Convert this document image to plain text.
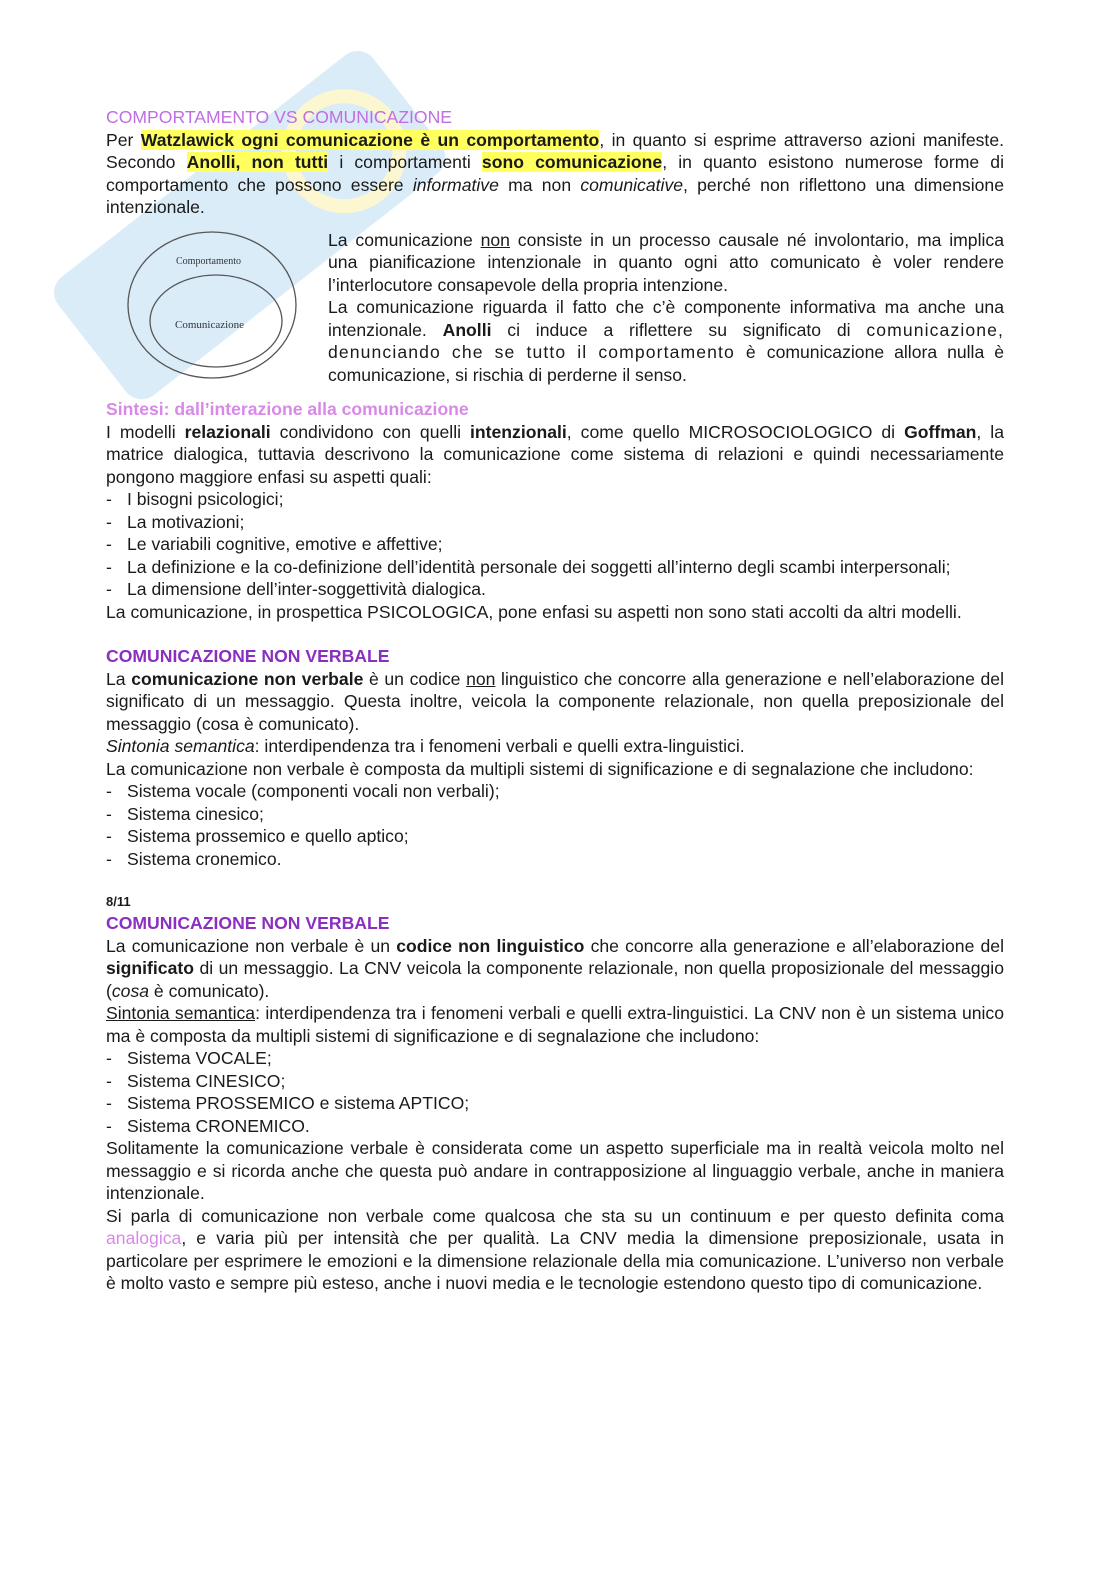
COMPORTAMENTO VS COMUNICAZIONE

Per Watzlawick ogni comunicazione è un comportamento, in quanto si esprime attraverso azioni manifeste. Secondo Anolli, non tutti i comportamenti sono comunicazione, in quanto esistono numerose forme di comportamento che possono essere informative ma non comunicative, perché non riflettono una dimensione intenzionale.

Comportamento
Comunicazione

La comunicazione non consiste in un processo causale né involontario, ma implica una pianificazione intenzionale in quanto ogni atto comunicato è voler rendere l’interlocutore consapevole della propria intenzione.

La comunicazione riguarda il fatto che c’è componente informativa ma anche una intenzionale. Anolli ci induce a riflettere su significato di comunicazione, denunciando che se tutto il comportamento è comunicazione allora nulla è comunicazione, si rischia di perderne il senso.

Sintesi: dall’interazione alla comunicazione

I modelli relazionali condividono con quelli intenzionali, come quello MICROSOCIOLOGICO di Goffman, la matrice dialogica, tuttavia descrivono la comunicazione come sistema di relazioni e quindi necessariamente pongono maggiore enfasi su aspetti quali:

- I bisogni psicologici;
- La motivazioni;
- Le variabili cognitive, emotive e affettive;
- La definizione e la co-definizione dell’identità personale dei soggetti all’interno degli scambi interpersonali;
- La dimensione dell’inter-soggettività dialogica.

La comunicazione, in prospettica PSICOLOGICA, pone enfasi su aspetti non sono stati accolti da altri modelli.

COMUNICAZIONE NON VERBALE

La comunicazione non verbale è un codice non linguistico che concorre alla generazione e nell’elaborazione del significato di un messaggio. Questa inoltre, veicola la componente relazionale, non quella preposizionale del messaggio (cosa è comunicato).

Sintonia semantica: interdipendenza tra i fenomeni verbali e quelli extra-linguistici.

La comunicazione non verbale è composta da multipli sistemi di significazione e di segnalazione che includono:

- Sistema vocale (componenti vocali non verbali);
- Sistema cinesico;
- Sistema prossemico e quello aptico;
- Sistema cronemico.
8/11
COMUNICAZIONE NON VERBALE

La comunicazione non verbale è un codice non linguistico che concorre alla generazione e all’elaborazione del significato di un messaggio. La CNV veicola la componente relazionale, non quella proposizionale del messaggio (cosa è comunicato).

Sintonia semantica: interdipendenza tra i fenomeni verbali e quelli extra-linguistici. La CNV non è un sistema unico ma è composta da multipli sistemi di significazione e di segnalazione che includono:

- Sistema VOCALE;
- Sistema CINESICO;
- Sistema PROSSEMICO e sistema APTICO;
- Sistema CRONEMICO.

Solitamente la comunicazione verbale è considerata come un aspetto superficiale ma in realtà veicola molto nel messaggio e si ricorda anche che questa può andare in contrapposizione al linguaggio verbale, anche in maniera intenzionale.

Si parla di comunicazione non verbale come qualcosa che sta su un continuum e per questo definita coma analogica, e varia più per intensità che per qualità. La CNV media la dimensione preposizionale, usata in particolare per esprimere le emozioni e la dimensione relazionale della mia comunicazione. L’universo non verbale è molto vasto e sempre più esteso, anche i nuovi media e le tecnologie estendono questo tipo di comunicazione.
